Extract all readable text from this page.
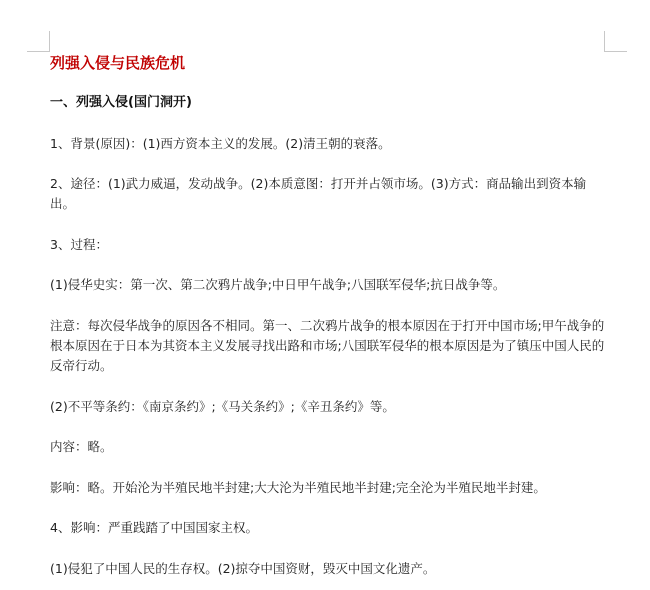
列强入侵与民族危机
一、列强入侵(国门洞开)

1、背景(原因)：(1)西方资本主义的发展。(2)清王朝的衰落。

2、途径：(1)武力威逼，发动战争。(2)本质意图：打开并占领市场。(3)方式：商品输出到资本输出。

3、过程：

(1)侵华史实：第一次、第二次鸦片战争;中日甲午战争;八国联军侵华;抗日战争等。

注意：每次侵华战争的原因各不相同。第一、二次鸦片战争的根本原因在于打开中国市场;甲午战争的根本原因在于日本为其资本主义发展寻找出路和市场;八国联军侵华的根本原因是为了镇压中国人民的反帝行动。

(2)不平等条约：《南京条约》;《马关条约》;《辛丑条约》等。

内容：略。

影响：略。开始沦为半殖民地半封建;大大沦为半殖民地半封建;完全沦为半殖民地半封建。

4、影响：严重践踏了中国国家主权。

(1)侵犯了中国人民的生存权。(2)掠夺中国资财，毁灭中国文化遗产。
